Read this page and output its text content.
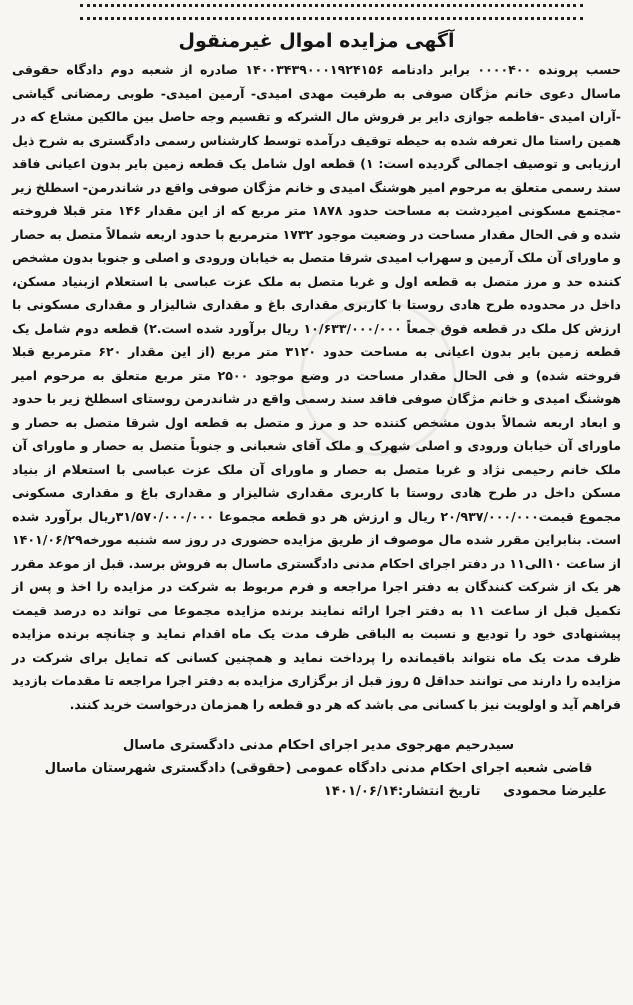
آگهی مزایده اموال غیرمنقول

حسب پرونده ۰۰۰۰۴۰۰ برابر دادنامه ۱۴۰۰۳۴۳۹۰۰۰۱۹۲۴۱۵۶ صادره از شعبه دوم دادگاه حقوقی ماسال دعوی خانم مژگان صوفی به طرفیت مهدی امیدی- آرمین امیدی- طوبی رمضانی گیاشی -آران امیدی -فاطمه جوازی دایر بر فروش مال الشرکه و تقسیم وجه حاصل بین مالکین مشاع که در همین راستا مال تعرفه شده به حیطه توقیف درآمده توسط کارشناس رسمی دادگستری به شرح ذیل ارزیابی و توصیف اجمالی گردیده است: ۱) قطعه اول شامل یک قطعه زمین بایر بدون اعیانی فاقد سند رسمی متعلق به مرحوم امیر هوشنگ امیدی و خانم مژگان صوفی واقع در شاندرمن- اسطلخ زیر -مجتمع مسکونی امیردشت به مساحت حدود ۱۸۷۸ متر مربع که از این مقدار ۱۴۶ متر قبلا فروخته شده و فی الحال مقدار مساحت در وضعیت موجود ۱۷۳۲ مترمربع با حدود اربعه شمالاً متصل به حصار و ماورای آن ملک آرمین و سهراب امیدی شرقا متصل به خیابان ورودی و اصلی و جنوبا بدون مشخص کننده حد و مرز متصل به قطعه اول و غربا متصل به ملک عزت عباسی با استعلام ازبنیاد مسکن، داخل در محدوده طرح هادی روستا با کاربری مقداری باغ و مقداری شالیزار و مقداری مسکونی با ارزش کل ملک در قطعه فوق جمعاً ۱۰/۶۳۳/۰۰۰/۰۰۰ ریال برآورد شده است.۲) قطعه دوم شامل یک قطعه زمین بایر بدون اعیانی به مساحت حدود ۳۱۲۰ متر مربع (از این مقدار ۶۲۰ مترمربع قبلا فروخته شده) و فی الحال مقدار مساحت در وضع موجود ۲۵۰۰ متر مربع متعلق به مرحوم امیر هوشنگ امیدی و خانم مژگان صوفی فاقد سند رسمی واقع در شاندرمن روستای اسطلخ زیر با حدود و ابعاد اربعه شمالاً بدون مشخص کننده حد و مرز و متصل به قطعه اول شرقا متصل به حصار و ماورای آن خیابان ورودی و اصلی شهرک و ملک آقای شعبانی و جنوباً متصل به حصار و ماورای آن ملک خانم رحیمی نژاد و غربا متصل به حصار و ماورای آن ملک عزت عباسی با استعلام از بنیاد مسکن داخل در طرح هادی روستا با کاربری مقداری شالیزار و مقداری باغ و مقداری مسکونی مجموع قیمت۲۰/۹۳۷/۰۰۰/۰۰۰ ریال و ارزش هر دو قطعه مجموعا ۳۱/۵۷۰/۰۰۰/۰۰۰ریال برآورد شده است. بنابراین مقرر شده مال موصوف از طریق مزایده حضوری در روز سه شنبه مورخه۱۴۰۱/۰۶/۲۹ از ساعت ۱۰الی۱۱ در دفتر اجرای احکام مدنی دادگستری ماسال به فروش برسد. قبل از موعد مقرر هر یک از شرکت کنندگان به دفتر اجرا مراجعه و فرم مربوط به شرکت در مزایده را اخذ و پس از تکمیل قبل از ساعت ۱۱ به دفتر اجرا ارائه نمایند برنده مزایده مجموعا می تواند ده درصد قیمت پیشنهادی خود را تودیع و نسبت به الباقی ظرف مدت یک ماه اقدام نماید و چنانچه برنده مزایده ظرف مدت یک ماه نتواند باقیمانده را پرداخت نماید و همچنین کسانی که تمایل برای شرکت در مزایده را دارند می توانند حداقل ۵ روز قبل از برگزاری مزایده به دفتر اجرا مراجعه تا مقدمات بازدید فراهم آید و اولویت نیز با کسانی می باشد که هر دو قطعه را همزمان درخواست خرید کنند.

سیدرحیم مهرجوی مدیر اجرای احکام مدنی دادگستری ماسال
قاضی شعبه اجرای احکام مدنی دادگاه عمومی (حقوقی) دادگستری شهرستان ماسال
علیرضا محمودی تاریخ انتشار:۱۴۰۱/۰۶/۱۴
